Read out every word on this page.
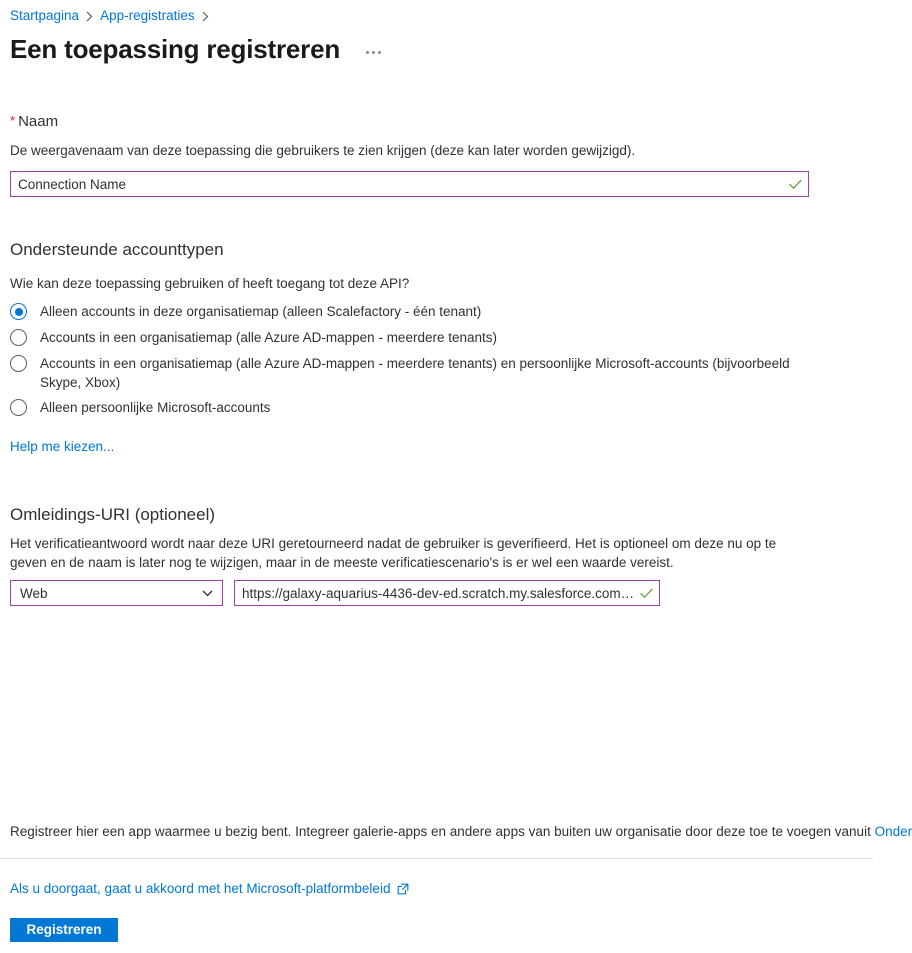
Startpagina App-registraties
Een toepassing registreren
* Naam
De weergavenaam van deze toepassing die gebruikers te zien krijgen (deze kan later worden gewijzigd).
Connection Name
Ondersteunde accounttypen
Wie kan deze toepassing gebruiken of heeft toegang tot deze API?
Alleen accounts in deze organisatiemap (alleen Scalefactory - één tenant)
Accounts in een organisatiemap (alle Azure AD-mappen - meerdere tenants)
Accounts in een organisatiemap (alle Azure AD-mappen - meerdere tenants) en persoonlijke Microsoft-accounts (bijvoorbeeld Skype, Xbox)
Alleen persoonlijke Microsoft-accounts
Help me kiezen...
Omleidings-URI (optioneel)
Het verificatieantwoord wordt naar deze URI geretourneerd nadat de gebruiker is geverifieerd. Het is optioneel om deze nu op te geven en de naam is later nog te wijzigen, maar in de meeste verificatiescenario's is er wel een waarde vereist.
Web
https://galaxy-aquarius-4436-dev-ed.scratch.my.salesforce.com/ap…
Registreer hier een app waarmee u bezig bent. Integreer galerie-apps en andere apps van buiten uw organisatie door deze toe te voegen vanuit Onder
Als u doorgaat, gaat u akkoord met het Microsoft-platformbeleid
Registreren
